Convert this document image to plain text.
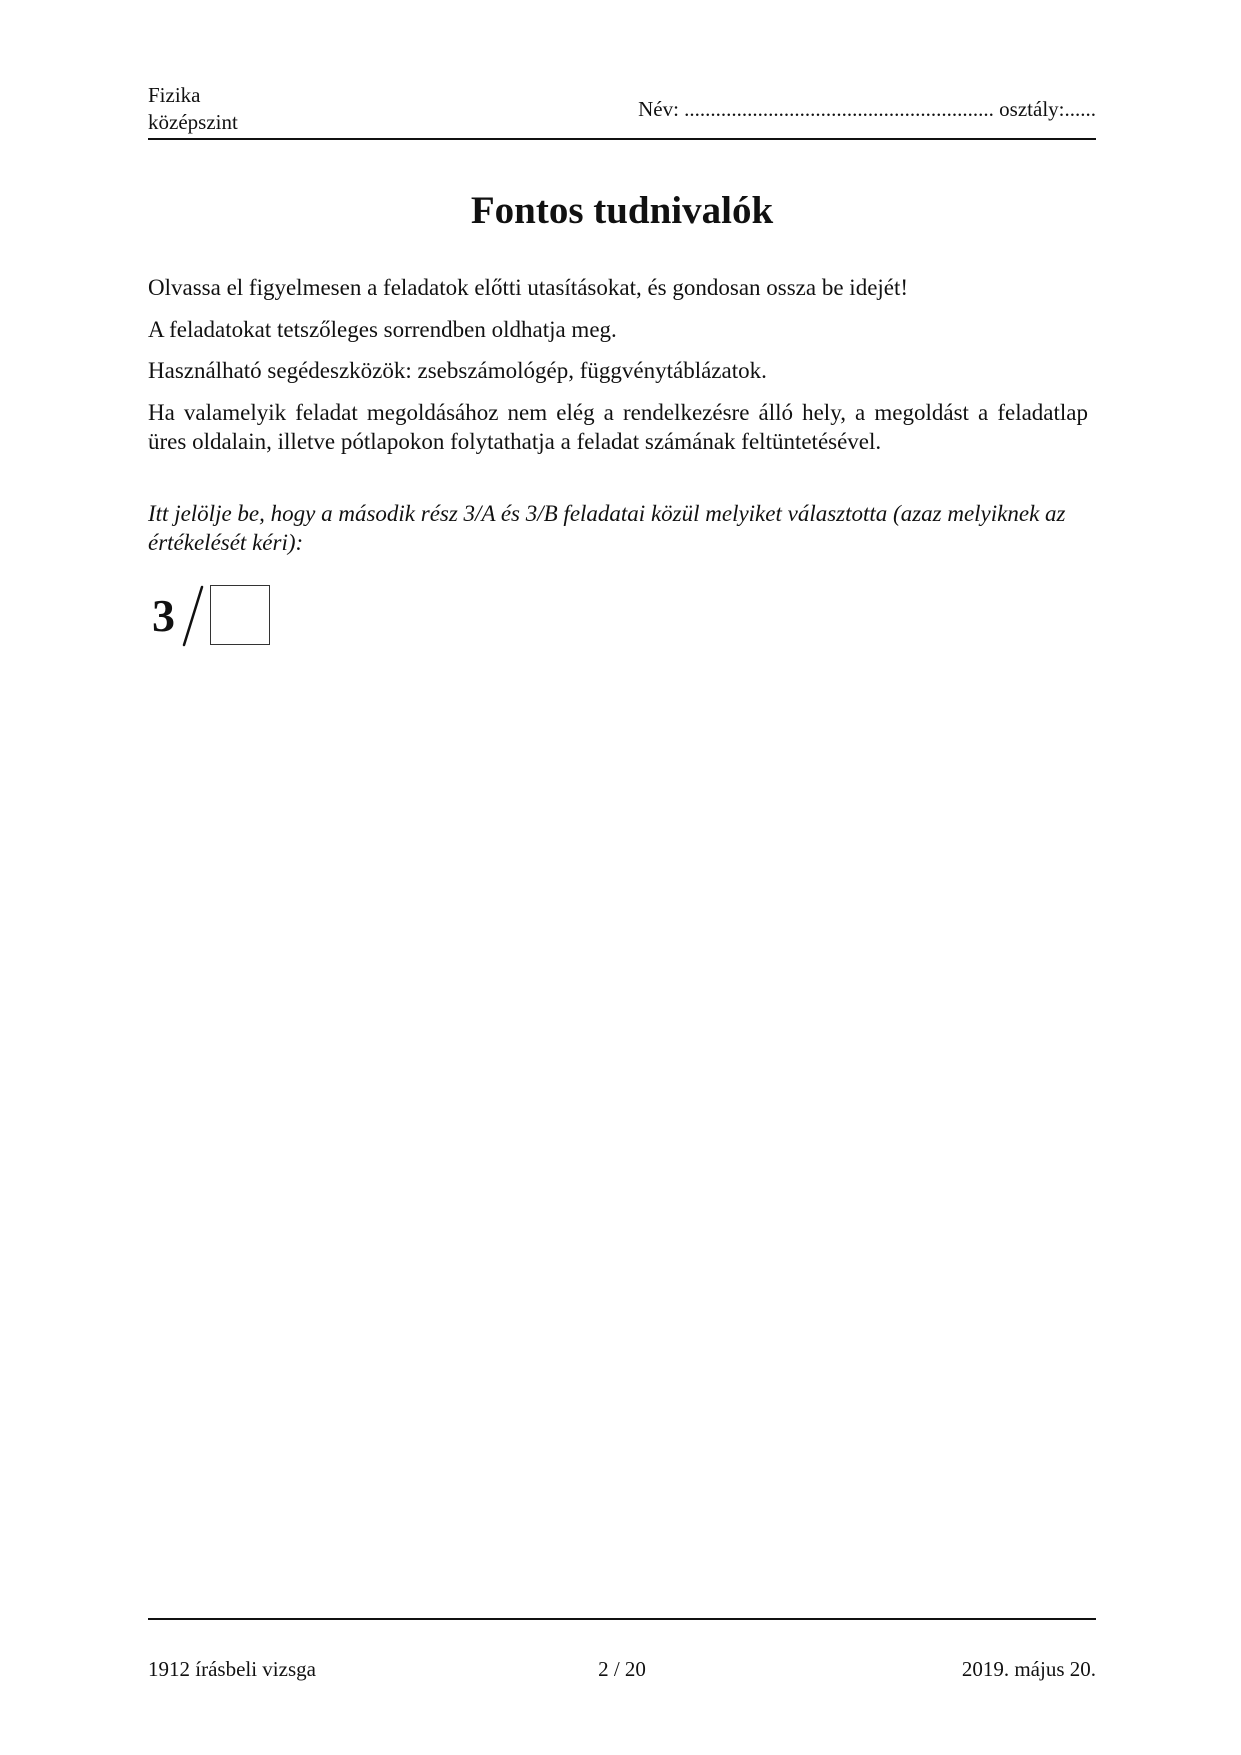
Fizika
középszint
Név: ........................................................... osztály:......
Fontos tudnivalók
Olvassa el figyelmesen a feladatok előtti utasításokat, és gondosan ossza be idejét!
A feladatokat tetszőleges sorrendben oldhatja meg.
Használható segédeszközök: zsebszámológép, függvénytáblázatok.
Ha valamelyik feladat megoldásához nem elég a rendelkezésre álló hely, a megoldást a feladatlap üres oldalain, illetve pótlapokon folytathatja a feladat számának feltüntetésével.
Itt jelölje be, hogy a második rész 3/A és 3/B feladatai közül melyiket választotta (azaz melyiknek az értékelését kéri):
3
1912 írásbeli vizsga	2 / 20	2019. május 20.
